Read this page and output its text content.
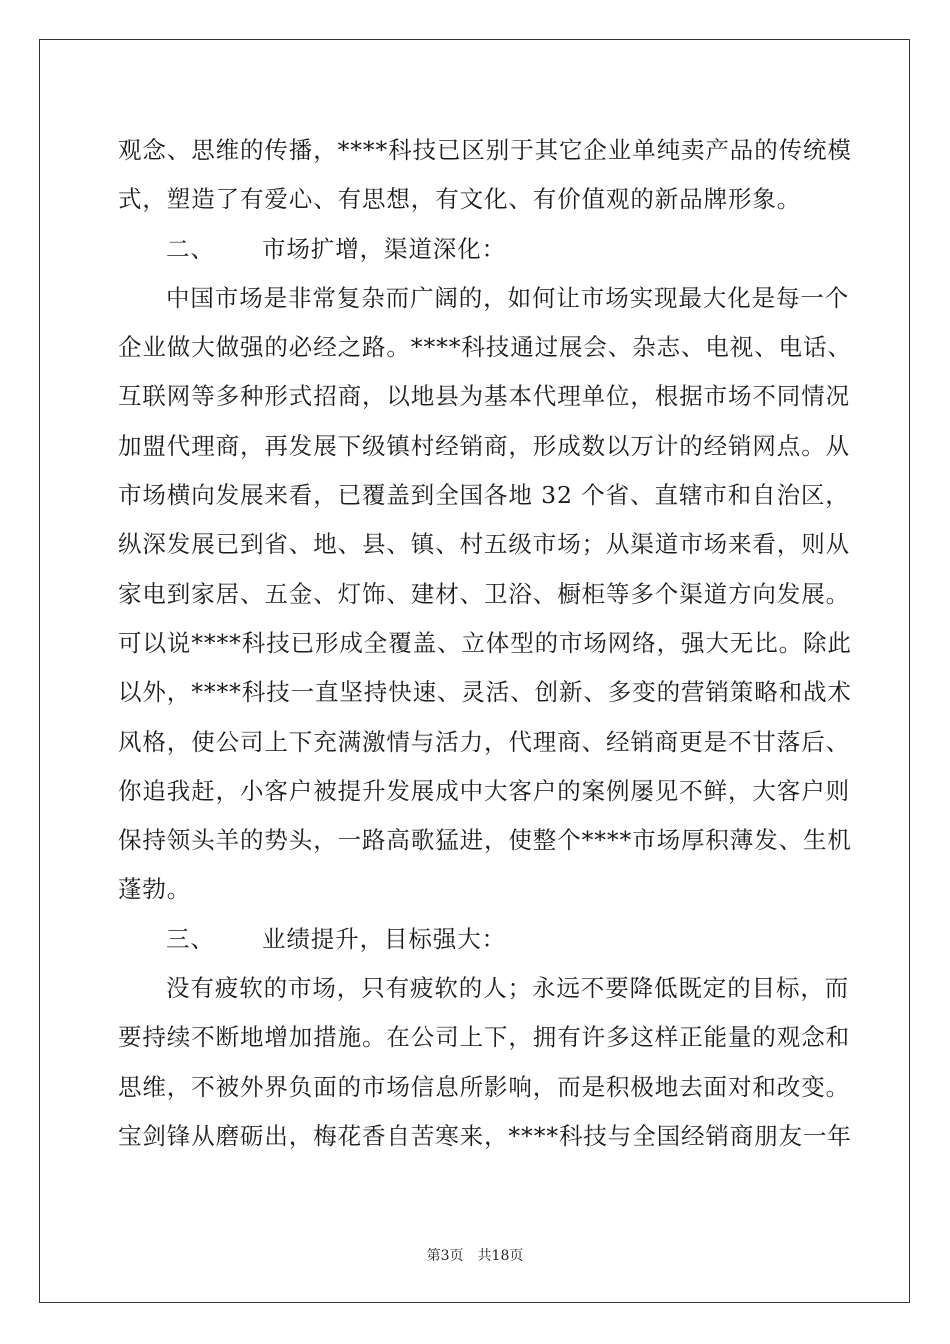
观念、思维的传播，****科技已区别于其它企业单纯卖产品的传统模
式，塑造了有爱心、有思想，有文化、有价值观的新品牌形象。
二、 市场扩增，渠道深化：
中国市场是非常复杂而广阔的，如何让市场实现最大化是每一个
企业做大做强的必经之路。****科技通过展会、杂志、电视、电话、
互联网等多种形式招商，以地县为基本代理单位，根据市场不同情况
加盟代理商，再发展下级镇村经销商，形成数以万计的经销网点。从
市场横向发展来看，已覆盖到全国各地 32 个省、直辖市和自治区，
纵深发展已到省、地、县、镇、村五级市场；从渠道市场来看，则从
家电到家居、五金、灯饰、建材、卫浴、橱柜等多个渠道方向发展。
可以说****科技已形成全覆盖、立体型的市场网络，强大无比。除此
以外，****科技一直坚持快速、灵活、创新、多变的营销策略和战术
风格，使公司上下充满激情与活力，代理商、经销商更是不甘落后、
你追我赶，小客户被提升发展成中大客户的案例屡见不鲜，大客户则
保持领头羊的势头，一路高歌猛进，使整个****市场厚积薄发、生机
蓬勃。
三、 业绩提升，目标强大：
没有疲软的市场，只有疲软的人；永远不要降低既定的目标，而
要持续不断地增加措施。在公司上下，拥有许多这样正能量的观念和
思维，不被外界负面的市场信息所影响，而是积极地去面对和改变。
宝剑锋从磨砺出，梅花香自苦寒来，****科技与全国经销商朋友一年
第3页 共18页
